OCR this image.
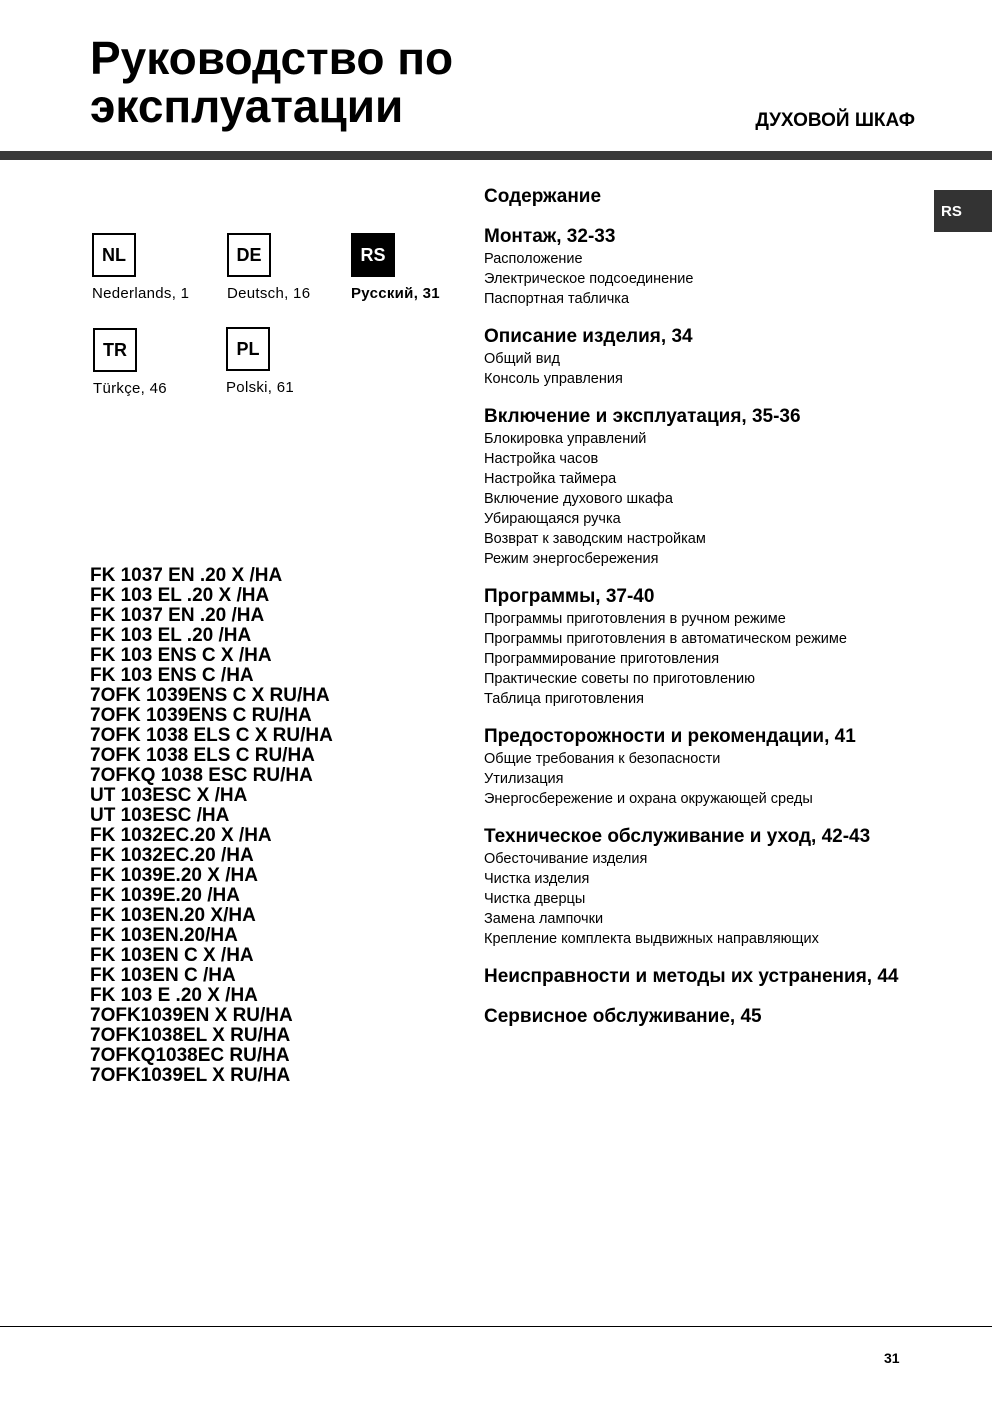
Руководство по
эксплуатации	ДУХОВОЙ ШКАФ
RS
NL
Nederlands, 1
DE
Deutsch, 16
RS
Русский, 31
TR
Türkçe, 46
PL
Polski, 61
FK 1037 EN .20 X /HA
FK 103 EL .20 X /HA
FK 1037 EN .20 /HA
FK 103 EL .20 /HA
FK 103 ENS C X /HA
FK 103 ENS C /HA
7OFK 1039ENS C X RU/HA
7OFK 1039ENS C RU/HA
7OFK 1038 ELS C X RU/HA
7OFK 1038 ELS C RU/HA
7OFKQ 1038 ESC RU/HA
UT 103ESC X /HA
UT 103ESC /HA
FK 1032EC.20 X /HA
FK 1032EC.20 /HA
FK 1039E.20 X /HA
FK 1039E.20 /HA
FK 103EN.20 X/HA
FK 103EN.20/HA
FK 103EN C X /HA
FK 103EN C /HA
FK 103 E .20 X /HA
7OFK1039EN X RU/HA
7OFK1038EL X RU/HA
7OFKQ1038EC RU/HA
7OFK1039EL X RU/HA
Содержание
Монтаж, 32-33
Расположение
Электрическое подсоединение
Паспортная табличка
Описание изделия, 34
Общий вид
Консоль управления
Включение и эксплуатация, 35-36
Блокировка управлений
Настройка часов
Настройка таймера
Включение духового шкафа
Убирающаяся ручка
Возврат к заводским настройкам
Режим энергосбережения
Программы, 37-40
Программы приготовления в ручном режиме
Программы приготовления в автоматическом режиме
Программирование приготовления
Практические советы по приготовлению
Таблица приготовления
Предосторожности и рекомендации, 41
Общие требования к безопасности
Утилизация
Энергосбережение и охрана окружающей среды
Техническое обслуживание и уход, 42-43
Обесточивание изделия
Чистка изделия
Чистка дверцы
Замена лампочки
Крепление комплекта выдвижных направляющих
Неисправности и методы их устранения, 44
Сервисное обслуживание, 45
31
